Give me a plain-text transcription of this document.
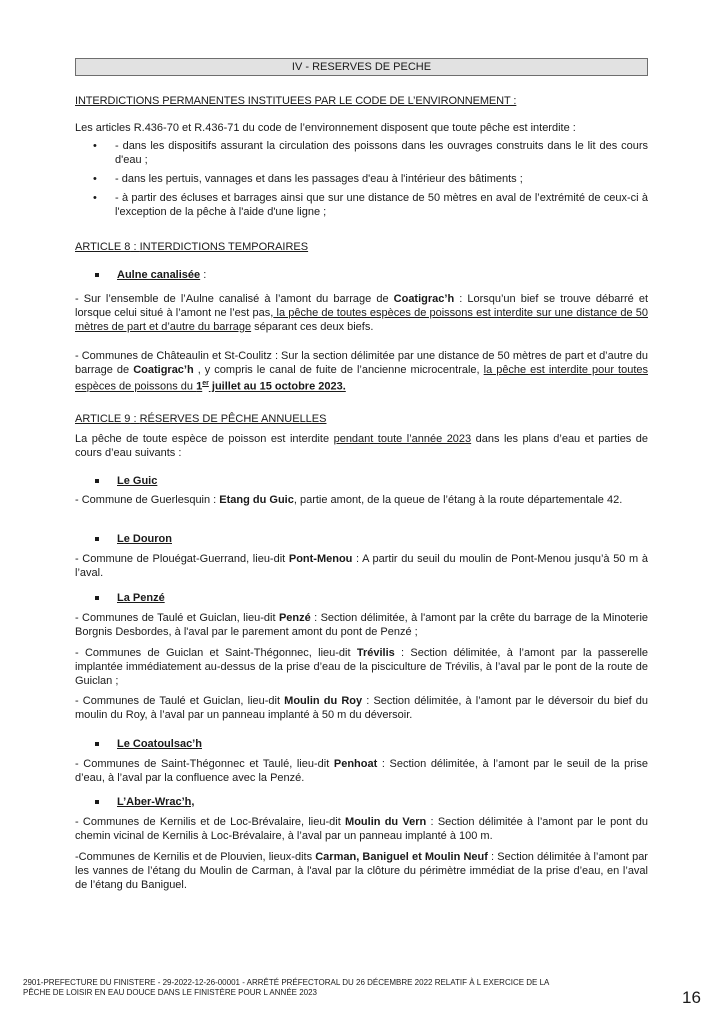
IV - RESERVES DE PECHE
INTERDICTIONS PERMANENTES INSTITUEES PAR LE CODE DE L’ENVIRONNEMENT :
Les articles R.436-70 et R.436-71 du code de l’environnement disposent que toute pêche est interdite :
• - dans les dispositifs assurant la circulation des poissons dans les ouvrages construits dans le lit des cours d'eau ;
• - dans les pertuis, vannages et dans les passages d'eau à l'intérieur des bâtiments ;
• - à partir des écluses et barrages ainsi que sur une distance de 50 mètres en aval de l’extrémité de ceux-ci à l'exception de la pêche à l'aide d'une ligne ;
ARTICLE 8 : INTERDICTIONS TEMPORAIRES
Aulne canalisée :
- Sur l’ensemble de l’Aulne canalisé à l’amont du barrage de Coatigrac’h : Lorsqu’un bief se trouve débarré et lorsque celui situé à l’amont ne l’est pas, la pêche de toutes espèces de poissons est interdite sur une distance de 50 mètres de part et d’autre du barrage séparant ces deux biefs.
- Communes de Châteaulin et St-Coulitz : Sur la section délimitée par une distance de 50 mètres de part et d’autre du barrage de Coatigrac’h , y compris le canal de fuite de l’ancienne microcentrale, la pêche est interdite pour toutes espèces de poissons du 1er juillet au 15 octobre 2023.
ARTICLE 9 : RÉSERVES DE PÊCHE ANNUELLES
La pêche de toute espèce de poisson est interdite pendant toute l’année 2023 dans les plans d’eau et parties de cours d’eau suivants :
Le Guic
- Commune de Guerlesquin : Etang du Guic, partie amont, de la queue de l’étang à la route départementale 42.
Le Douron
- Commune de Plouégat-Guerrand, lieu-dit Pont-Menou : A partir du seuil du moulin de Pont-Menou jusqu’à 50 m à l’aval.
La Penzé
- Communes de Taulé et Guiclan, lieu-dit Penzé : Section délimitée, à l'amont par la crête du barrage de la Minoterie Borgnis Desbordes, à l'aval par le parement amont du pont de Penzé ;
- Communes de Guiclan et Saint-Thégonnec, lieu-dit Trévilis : Section délimitée, à l’amont par la passerelle implantée immédiatement au-dessus de la prise d’eau de la pisciculture de Trévilis, à l’aval par le pont de la route de Guiclan ;
- Communes de Taulé et Guiclan, lieu-dit Moulin du Roy : Section délimitée, à l’amont par le déversoir du bief du moulin du Roy, à l’aval par un panneau implanté à 50 m du déversoir.
Le Coatoulsac’h
- Communes de Saint-Thégonnec et Taulé, lieu-dit Penhoat : Section délimitée, à l’amont par le seuil de la prise d’eau, à l’aval par la confluence avec la Penzé.
L’Aber-Wrac’h,
- Communes de Kernilis et de Loc-Brévalaire, lieu-dit Moulin du Vern : Section délimitée à l’amont par le pont du chemin vicinal de Kernilis à Loc-Brévalaire, à l’aval par un panneau implanté à 100 m.
-Communes de Kernilis et de Plouvien, lieux-dits Carman, Baniguel et Moulin Neuf : Section délimitée à l’amont par les vannes de l’étang du Moulin de Carman, à l'aval par la clôture du périmètre immédiat de la prise d’eau, en l’aval de l’étang du Baniguel.
2901-PREFECTURE DU FINISTERE - 29-2022-12-26-00001 - ARRÊTÉ PRÉFECTORAL DU 26 DÉCEMBRE 2022 RELATIF À L EXERCICE DE LA
PÊCHE DE LOISIR EN EAU DOUCE DANS LE FINISTÈRE POUR L ANNÉE 2023	16
